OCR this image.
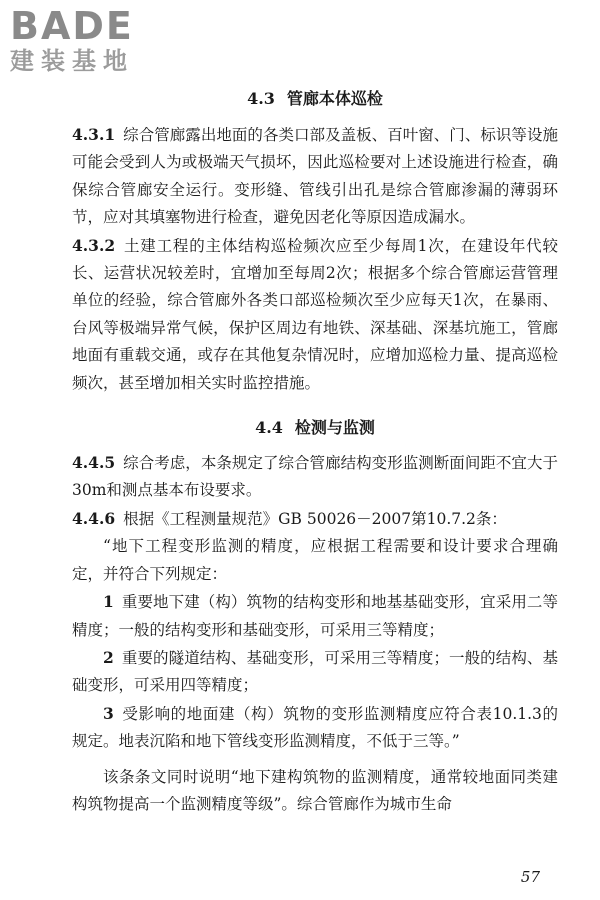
BADE
建装基地
4.3 管廊本体巡检

4.3.1 综合管廊露出地面的各类口部及盖板、百叶窗、门、标识等设施可能会受到人为或极端天气损坏，因此巡检要对上述设施进行检查，确保综合管廊安全运行。变形缝、管线引出孔是综合管廊渗漏的薄弱环节，应对其填塞物进行检查，避免因老化等原因造成漏水。

4.3.2 土建工程的主体结构巡检频次应至少每周1次，在建设年代较长、运营状况较差时，宜增加至每周2次；根据多个综合管廊运营管理单位的经验，综合管廊外各类口部巡检频次至少应每天1次，在暴雨、台风等极端异常气候，保护区周边有地铁、深基础、深基坑施工，管廊地面有重载交通，或存在其他复杂情况时，应增加巡检力量、提高巡检频次，甚至增加相关实时监控措施。

4.4 检测与监测

4.4.5 综合考虑，本条规定了综合管廊结构变形监测断面间距不宜大于30m和测点基本布设要求。

4.4.6 根据《工程测量规范》GB 50026－2007第10.7.2条：

“地下工程变形监测的精度，应根据工程需要和设计要求合理确定，并符合下列规定：

1 重要地下建（构）筑物的结构变形和地基基础变形，宜采用二等精度；一般的结构变形和基础变形，可采用三等精度；

2 重要的隧道结构、基础变形，可采用三等精度；一般的结构、基础变形，可采用四等精度；

3 受影响的地面建（构）筑物的变形监测精度应符合表10.1.3的规定。地表沉陷和地下管线变形监测精度，不低于三等。”

该条条文同时说明“地下建构筑物的监测精度，通常较地面同类建构筑物提高一个监测精度等级”。综合管廊作为城市生命

57
